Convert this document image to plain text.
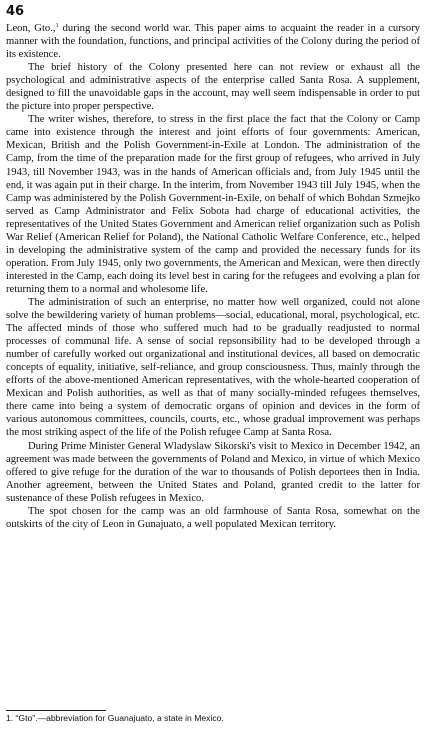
46

Leon, Gto.,$^1$ during the second world war. This paper aims to acquaint the reader in a cursory manner with the foundation, functions, and principal activities of the Colony during the period of its existence.

The brief history of the Colony presented here can not review or exhaust all the psychological and administrative aspects of the enterprise called Santa Rosa. A supplement, designed to fill the unavoidable gaps in the account, may well seem indispensable in order to put the picture into proper perspective.

The writer wishes, therefore, to stress in the first place the fact that the Colony or Camp came into existence through the interest and joint efforts of four governments: American, Mexican, British and the Polish Government-in-Exile at London. The administration of the Camp, from the time of the preparation made for the first group of refugees, who arrived in July 1943, till November 1943, was in the hands of American officials and, from July 1945 until the end, it was again put in their charge. In the interim, from November 1943 till July 1945, when the Camp was administered by the Polish Government-in-Exile, on behalf of which Bohdan Szmejko served as Camp Administrator and Felix Sobota had charge of educational activities, the representatives of the United States Government and American relief organization such as Polish War Relief (American Relief for Poland), the National Catholic Welfare Conference, etc., helped in developing the administrative system of the camp and provided the necessary funds for its operation. From July 1945, only two governments, the American and Mexican, were then directly interested in the Camp, each doing its level best in caring for the refugees and evolving a plan for returning them to a normal and wholesome life.

The administration of such an enterprise, no matter how well organized, could not alone solve the bewildering variety of human problems—social, educational, moral, psychological, etc. The affected minds of those who suffered much had to be gradually readjusted to normal processes of communal life. A sense of social repsonsibility had to be developed through a number of carefully worked out organizational and institutional devices, all based on democratic concepts of equality, initiative, self-reliance, and group consciousness. Thus, mainly through the efforts of the above-mentioned American representatives, with the whole-hearted cooperation of Mexican and Polish authorities, as well as that of many socially-minded refugees themselves, there came into being a system of democratic organs of opinion and devices in the form of various autonomous committees, councils, courts, etc., whose gradual improvement was perhaps the most striking aspect of the life of the Polish refugee Camp at Santa Rosa.

During Prime Minister General Wladyslaw Sikorski's visit to Mexico in December 1942, an agreement was made between the governments of Poland and Mexico, in virtue of which Mexico offered to give refuge for the duration of the war to thousands of Polish deportees then in India. Another agreement, between the United States and Poland, granted credit to the latter for sustenance of these Polish refugees in Mexico.

The spot chosen for the camp was an old farmhouse of Santa Rosa, somewhat on the outskirts of the city of Leon in Gunajuato, a well populated Mexican territory.

1. “Gto”.—abbreviation for Guanajuato, a state in Mexico.
